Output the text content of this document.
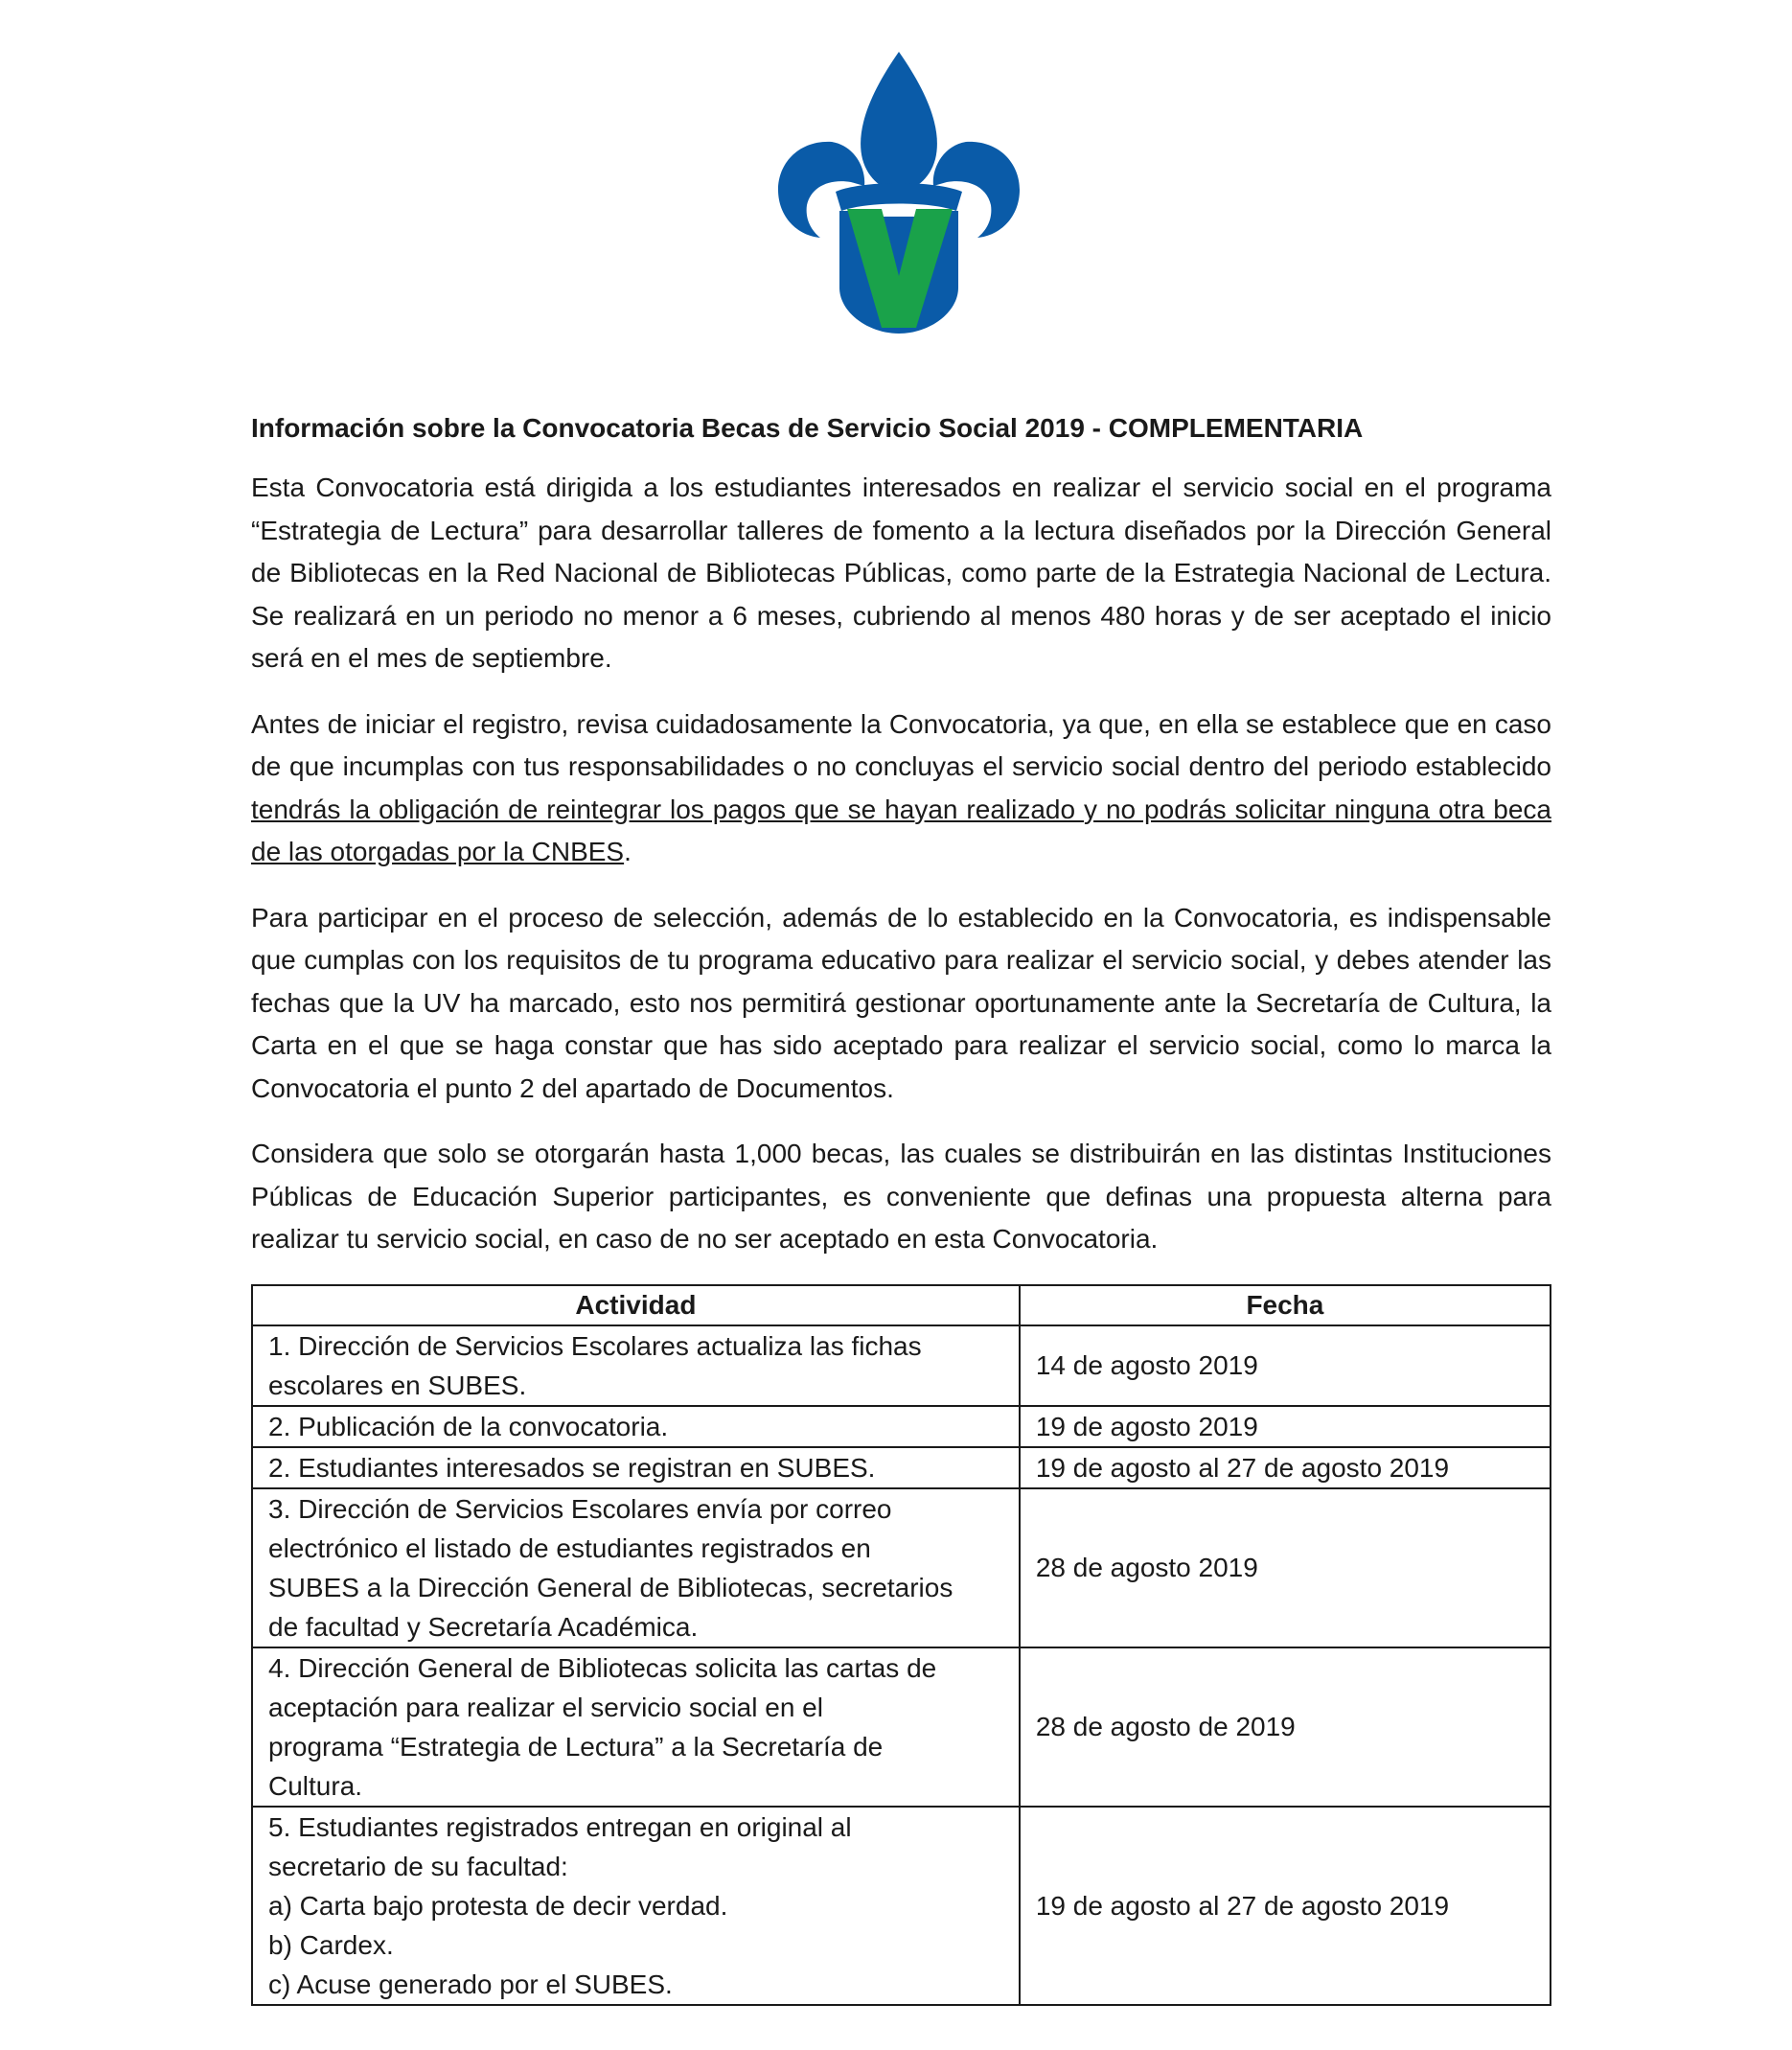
Información sobre la Convocatoria Becas de Servicio Social 2019 - COMPLEMENTARIA

Esta Convocatoria está dirigida a los estudiantes interesados en realizar el servicio social en el programa “Estrategia de Lectura” para desarrollar talleres de fomento a la lectura diseñados por la Dirección General de Bibliotecas en la Red Nacional de Bibliotecas Públicas, como parte de la Estrategia Nacional de Lectura. Se realizará en un periodo no menor a 6 meses, cubriendo al menos 480 horas y de ser aceptado el inicio será en el mes de septiembre.

Antes de iniciar el registro, revisa cuidadosamente la Convocatoria, ya que, en ella se establece que en caso de que incumplas con tus responsabilidades o no concluyas el servicio social dentro del periodo establecido tendrás la obligación de reintegrar los pagos que se hayan realizado y no podrás solicitar ninguna otra beca de las otorgadas por la CNBES.

Para participar en el proceso de selección, además de lo establecido en la Convocatoria, es indispensable que cumplas con los requisitos de tu programa educativo para realizar el servicio social, y debes atender las fechas que la UV ha marcado, esto nos permitirá gestionar oportunamente ante la Secretaría de Cultura, la Carta en el que se haga constar que has sido aceptado para realizar el servicio social, como lo marca la Convocatoria el punto 2 del apartado de Documentos.

Considera que solo se otorgarán hasta 1,000 becas, las cuales se distribuirán en las distintas Instituciones Públicas de Educación Superior participantes, es conveniente que definas una propuesta alterna para realizar tu servicio social, en caso de no ser aceptado en esta Convocatoria.

Actividad	Fecha

1. Dirección de Servicios Escolares actualiza las fichas
escolares en SUBES.	14 de agosto 2019

2. Publicación de la convocatoria.	19 de agosto 2019

2. Estudiantes interesados se registran en SUBES.	19 de agosto al 27 de agosto 2019

3. Dirección de Servicios Escolares envía por correo
electrónico el listado de estudiantes registrados en
SUBES a la Dirección General de Bibliotecas, secretarios
de facultad y Secretaría Académica.	28 de agosto 2019

4. Dirección General de Bibliotecas solicita las cartas de
aceptación para realizar el servicio social en el
programa “Estrategia de Lectura” a la Secretaría de
Cultura.	28 de agosto de 2019

5. Estudiantes registrados entregan en original al
secretario de su facultad:
a) Carta bajo protesta de decir verdad.
b) Cardex.
c) Acuse generado por el SUBES.	19 de agosto al 27 de agosto 2019
